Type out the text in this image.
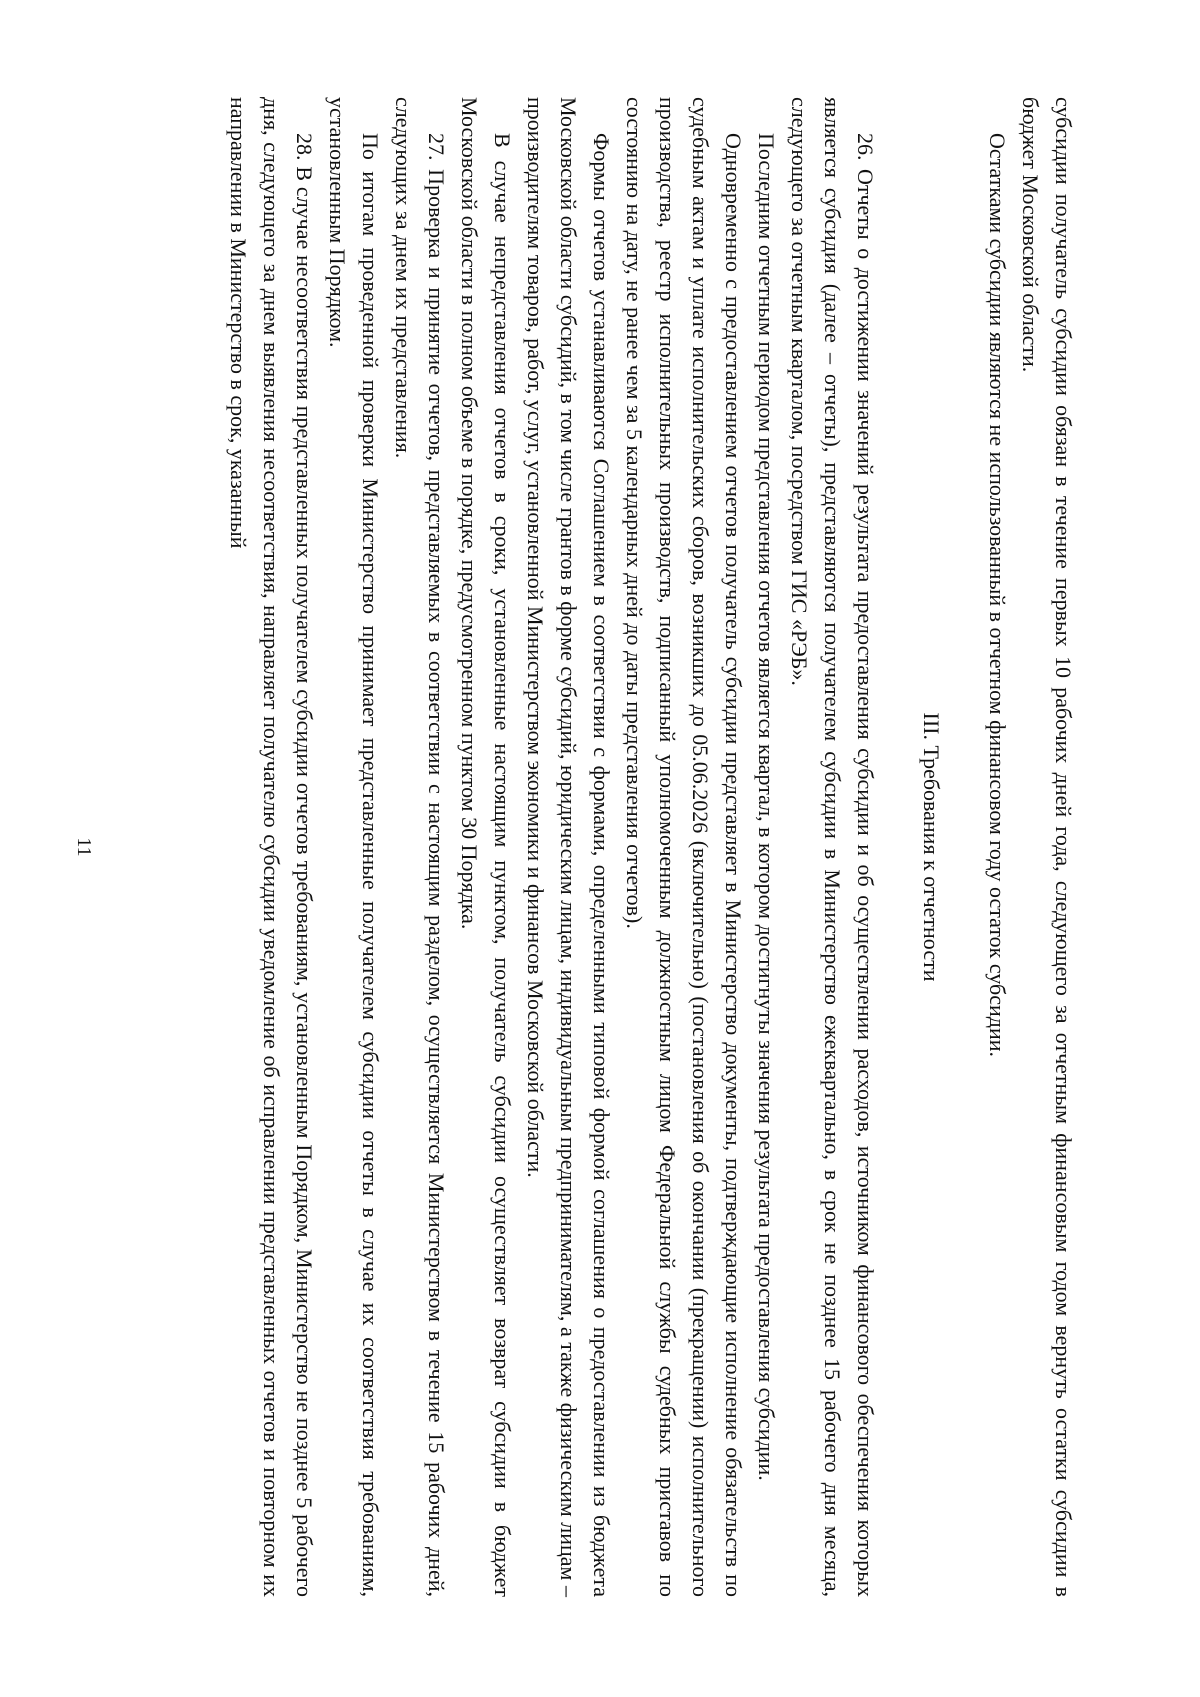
11	субсидии получатель субсидии обязан в течение первых 10 рабочих дней года, следующего за отчетным финансовым годом вернуть остатки субсидии в бюджет Московской области.

Остатками субсидии являются не использованный в отчетном финансовом году остаток субсидии.

III. Требования к отчетности

26. Отчеты о достижении значений результата предоставления субсидии и об осуществлении расходов, источником финансового обеспечения которых является субсидия (далее – отчеты), представляются получателем субсидии в Министерство ежеквартально, в срок не позднее 15 рабочего дня месяца, следующего за отчетным кварталом, посредством ГИС «РЭБ».

Последним отчетным периодом представления отчетов является квартал, в котором достигнуты значения результата предоставления субсидии.

Одновременно с предоставлением отчетов получатель субсидии представляет в Министерство документы, подтверждающие исполнение обязательств по судебным актам и уплате исполнительских сборов, возникших до 05.06.2026 (включительно) (постановления об окончании (прекращении) исполнительного производства, реестр исполнительных производств, подписанный уполномоченным должностным лицом Федеральной службы судебных приставов по состоянию на дату, не ранее чем за 5 календарных дней до даты представления отчетов).

Формы отчетов устанавливаются Соглашением в соответствии с формами, определенными типовой формой соглашения о предоставлении из бюджета Московской области субсидий, в том числе грантов в форме субсидий, юридическим лицам, индивидуальным предпринимателям, а также физическим лицам – производителям товаров, работ, услуг, установленной Министерством экономики и финансов Московской области.

В случае непредставления отчетов в сроки, установленные настоящим пунктом, получатель субсидии осуществляет возврат субсидии в бюджет Московской области в полном объеме в порядке, предусмотренном пунктом 30 Порядка.

27. Проверка и принятие отчетов, представляемых в соответствии с настоящим разделом, осуществляется Министерством в течение 15 рабочих дней, следующих за днем их представления.

По итогам проведенной проверки Министерство принимает представленные получателем субсидии отчеты в случае их соответствия требованиям, установленным Порядком.

28. В случае несоответствия представленных получателем субсидии отчетов требованиям, установленным Порядком, Министерство не позднее 5 рабочего дня, следующего за днем выявления несоответствия, направляет получателю субсидии уведомление об исправлении представленных отчетов и повторном их направлении в Министерство в срок, указанный
